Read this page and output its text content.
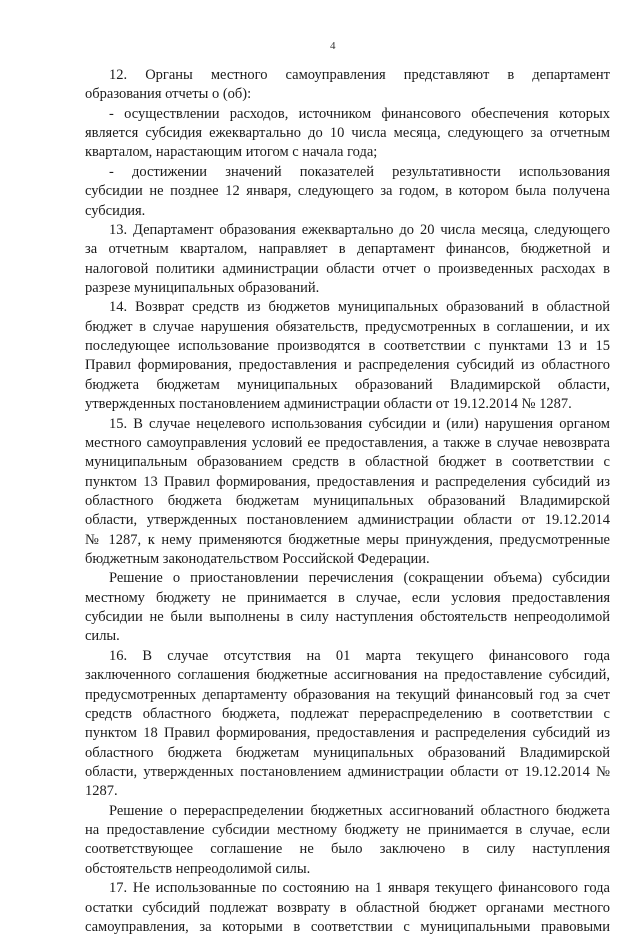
4
12. Органы местного самоуправления представляют в департамент
образования отчеты о (об):
- осуществлении расходов, источником финансового обеспечения которых
является субсидия ежеквартально до 10 числа месяца, следующего за отчетным
кварталом, нарастающим итогом с начала года;
- достижении значений показателей результативности использования
субсидии не позднее 12 января, следующего за годом, в котором была получена
субсидия.
13. Департамент образования ежеквартально до 20 числа месяца, следующего
за отчетным кварталом, направляет в департамент финансов, бюджетной и
налоговой политики администрации области отчет о произведенных расходах в
разрезе муниципальных образований.
14. Возврат средств из бюджетов муниципальных образований в областной
бюджет в случае нарушения обязательств, предусмотренных в соглашении, и их
последующее использование производятся в соответствии с пунктами 13 и 15
Правил формирования, предоставления и распределения субсидий из областного
бюджета бюджетам муниципальных образований Владимирской области,
утвержденных постановлением администрации области от 19.12.2014 № 1287.
15. В случае нецелевого использования субсидии и (или) нарушения органом
местного самоуправления условий ее предоставления, а также в случае невозврата
муниципальным образованием средств в областной бюджет в соответствии с
пунктом 13 Правил формирования, предоставления и распределения субсидий из
областного бюджета бюджетам муниципальных образований Владимирской
области, утвержденных постановлением администрации области от 19.12.2014
№ 1287, к нему применяются бюджетные меры принуждения, предусмотренные
бюджетным законодательством Российской Федерации.
Решение о приостановлении перечисления (сокращении объема) субсидии
местному бюджету не принимается в случае, если условия предоставления
субсидии не были выполнены в силу наступления обстоятельств непреодолимой
силы.
16. В случае отсутствия на 01 марта текущего финансового года
заключенного соглашения бюджетные ассигнования на предоставление субсидий,
предусмотренных департаменту образования на текущий финансовый год за счет
средств областного бюджета, подлежат перераспределению в соответствии с
пунктом 18 Правил формирования, предоставления и распределения субсидий из
областного бюджета бюджетам муниципальных образований Владимирской
области, утвержденных постановлением администрации области от 19.12.2014 №
1287.
Решение о перераспределении бюджетных ассигнований областного бюджета
на предоставление субсидии местному бюджету не принимается в случае, если
соответствующее соглашение не было заключено в силу наступления
обстоятельств непреодолимой силы.
17. Не использованные по состоянию на 1 января текущего финансового года
остатки субсидий подлежат возврату в областной бюджет органами местного
самоуправления, за которыми в соответствии с муниципальными правовыми
